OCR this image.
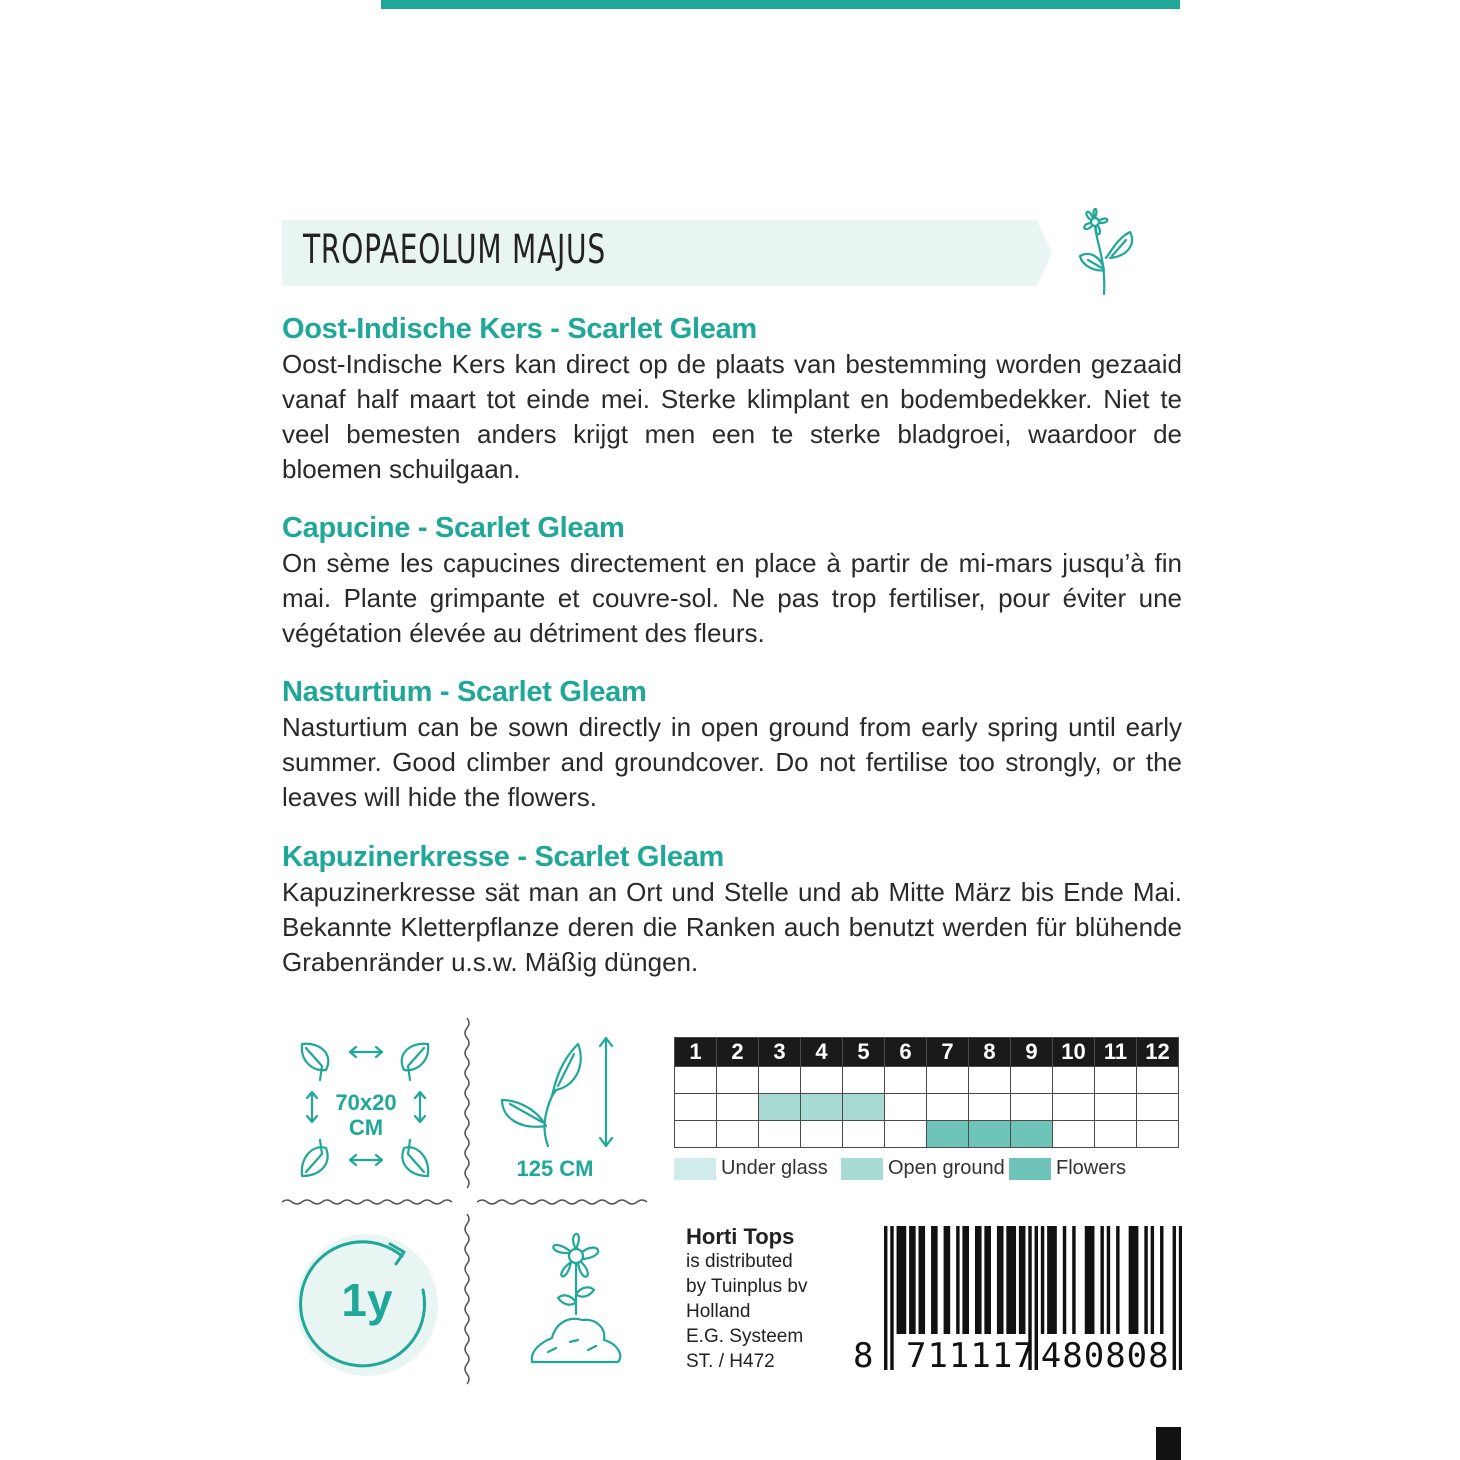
TROPAEOLUM MAJUS
Oost-Indische Kers - Scarlet Gleam

Oost-Indische Kers kan direct op de plaats van bestemming worden gezaaid vanaf half maart tot einde mei. Sterke klimplant en bodembedekker. Niet te veel bemesten anders krijgt men een te sterke bladgroei, waardoor de bloemen schuilgaan.

Capucine - Scarlet Gleam

On sème les capucines directement en place à partir de mi-mars jusqu’à fin mai. Plante grimpante et couvre-sol. Ne pas trop fertiliser, pour éviter une végétation élevée au détriment des fleurs.

Nasturtium - Scarlet Gleam

Nasturtium can be sown directly in open ground from early spring until early summer. Good climber and groundcover. Do not fertilise too strongly, or the leaves will hide the flowers.

Kapuzinerkresse - Scarlet Gleam

Kapuzinerkresse sät man an Ort und Stelle und ab Mitte März bis Ende Mai. Bekannte Kletterpflanze deren die Ranken auch benutzt werden für blühende Grabenränder u.s.w. Mäßig düngen.

70x20
CM
125 CM
1y
1	2	3	4	5	6	7	8	9	10	11	12

Under glass	Open ground	Flowers
Horti Tops
is distributed
by Tuinplus bv
Holland
E.G. Systeem
ST. / H472	8 711117 480808
